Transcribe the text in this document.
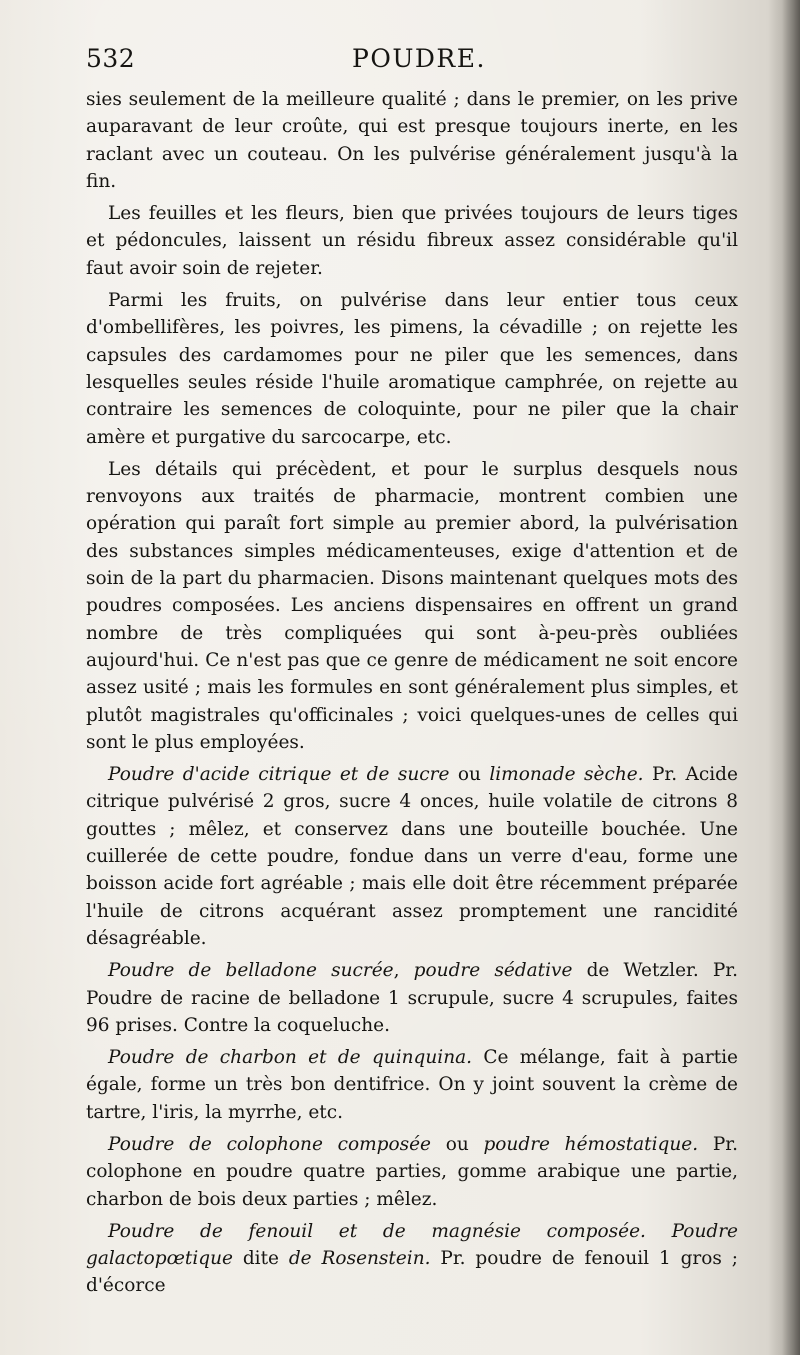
532	POUDRE.

sies seulement de la meilleure qualité ; dans le premier, on les prive auparavant de leur croûte, qui est presque toujours inerte, en les raclant avec un couteau. On les pulvérise généralement jusqu'à la fin.

Les feuilles et les fleurs, bien que privées toujours de leurs tiges et pédoncules, laissent un résidu fibreux assez considérable qu'il faut avoir soin de rejeter.

Parmi les fruits, on pulvérise dans leur entier tous ceux d'ombellifères, les poivres, les pimens, la cévadille ; on rejette les capsules des cardamomes pour ne piler que les semences, dans lesquelles seules réside l'huile aromatique camphrée, on rejette au contraire les semences de coloquinte, pour ne piler que la chair amère et purgative du sarcocarpe, etc.

Les détails qui précèdent, et pour le surplus desquels nous renvoyons aux traités de pharmacie, montrent combien une opération qui paraît fort simple au premier abord, la pulvérisation des substances simples médicamenteuses, exige d'attention et de soin de la part du pharmacien. Disons maintenant quelques mots des poudres composées. Les anciens dispensaires en offrent un grand nombre de très compliquées qui sont à-peu-près oubliées aujourd'hui. Ce n'est pas que ce genre de médicament ne soit encore assez usité ; mais les formules en sont généralement plus simples, et plutôt magistrales qu'officinales ; voici quelques-unes de celles qui sont le plus employées.

Poudre d'acide citrique et de sucre ou limonade sèche. Pr. Acide citrique pulvérisé 2 gros, sucre 4 onces, huile volatile de citrons 8 gouttes ; mêlez, et conservez dans une bouteille bouchée. Une cuillerée de cette poudre, fondue dans un verre d'eau, forme une boisson acide fort agréable ; mais elle doit être récemment préparée l'huile de citrons acquérant assez promptement une rancidité désagréable.

Poudre de belladone sucrée, poudre sédative de Wetzler. Pr. Poudre de racine de belladone 1 scrupule, sucre 4 scrupules, faites 96 prises. Contre la coqueluche.

Poudre de charbon et de quinquina. Ce mélange, fait à partie égale, forme un très bon dentifrice. On y joint souvent la crème de tartre, l'iris, la myrrhe, etc.

Poudre de colophone composée ou poudre hémostatique. Pr. colophone en poudre quatre parties, gomme arabique une partie, charbon de bois deux parties ; mêlez.

Poudre de fenouil et de magnésie composée. Poudre galactopœtique dite de Rosenstein. Pr. poudre de fenouil 1 gros ; d'écorce
